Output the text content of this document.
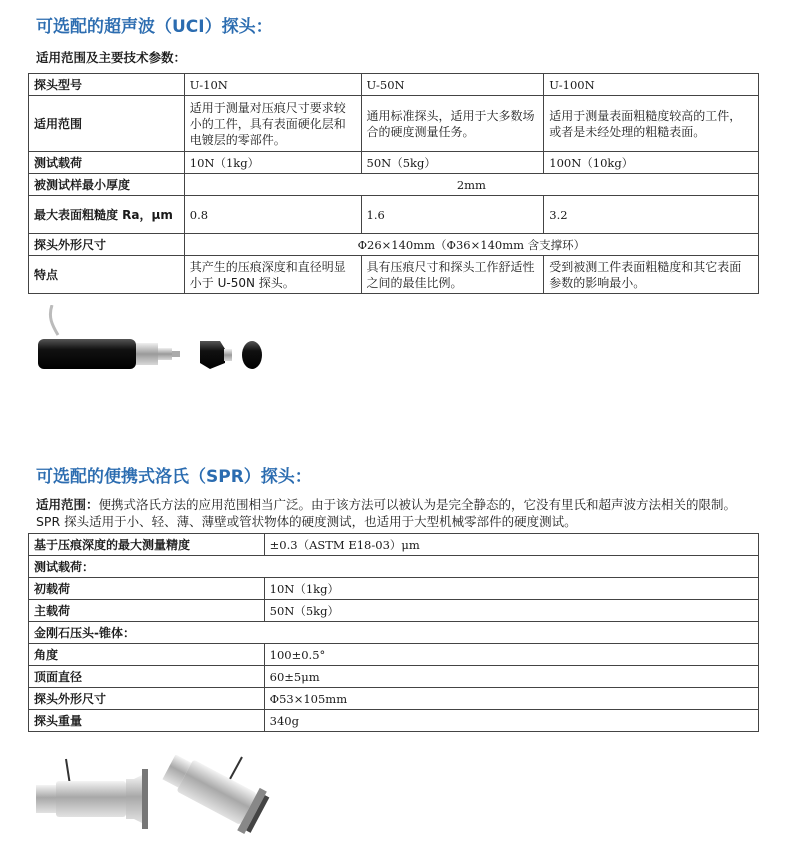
可选配的超声波（UCI）探头：
适用范围及主要技术参数：
探头型号	U-10N	U-50N	U-100N
适用范围	适用于测量对压痕尺寸要求较小的工件，具有表面硬化层和电镀层的零部件。	通用标准探头，适用于大多数场合的硬度测量任务。	适用于测量表面粗糙度较高的工件，或者是未经处理的粗糙表面。
测试载荷	10N（1kg）	50N（5kg）	100N（10kg）
被测试样最小厚度	2mm		
最大表面粗糙度 Ra，μm	0.8	1.6	3.2
探头外形尺寸	Φ26×140mm（Φ36×140mm 含支撑环）		
特点	其产生的压痕深度和直径明显小于 U-50N 探头。	具有压痕尺寸和探头工作舒适性之间的最佳比例。	受到被测工件表面粗糙度和其它表面参数的影响最小。
可选配的便携式洛氏（SPR）探头：
适用范围：便携式洛氏方法的应用范围相当广泛。由于该方法可以被认为是完全静态的，它没有里氏和超声波方法相关的限制。SPR 探头适用于小、轻、薄、薄壁或管状物体的硬度测试，也适用于大型机械零部件的硬度测试。
基于压痕深度的最大测量精度	±0.3（ASTM E18-03）μm
测试载荷：	
初载荷	10N（1kg）
主载荷	50N（5kg）
金刚石压头-锥体：	
角度	100±0.5°
顶面直径	60±5μm
探头外形尺寸	Φ53×105mm
探头重量	340g
